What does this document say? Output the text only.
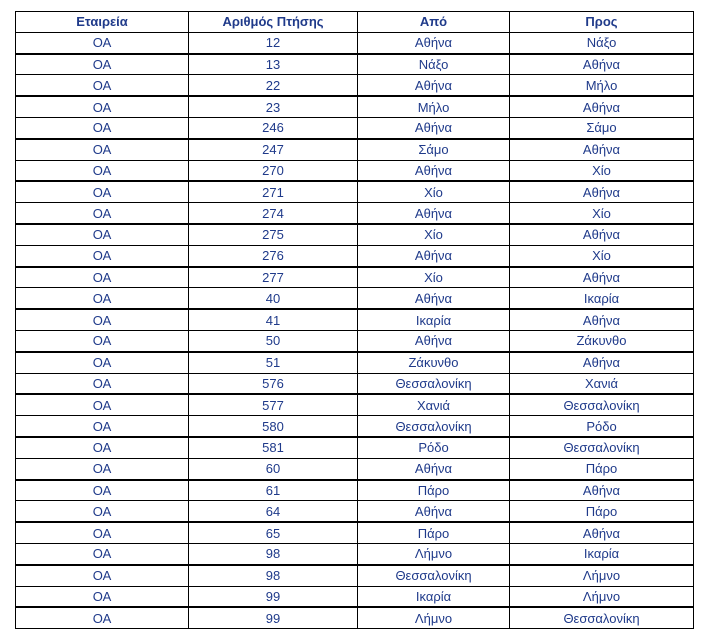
Εταιρεία	Αριθμός Πτήσης	Από	Προς
ΟΑ	12	Αθήνα	Νάξο
ΟΑ	13	Νάξο	Αθήνα
ΟΑ	22	Αθήνα	Μήλο
ΟΑ	23	Μήλο	Αθήνα
ΟΑ	246	Αθήνα	Σάμο
ΟΑ	247	Σάμο	Αθήνα
ΟΑ	270	Αθήνα	Χίο
ΟΑ	271	Χίο	Αθήνα
ΟΑ	274	Αθήνα	Χίο
ΟΑ	275	Χίο	Αθήνα
ΟΑ	276	Αθήνα	Χίο
ΟΑ	277	Χίο	Αθήνα
ΟΑ	40	Αθήνα	Ικαρία
ΟΑ	41	Ικαρία	Αθήνα
ΟΑ	50	Αθήνα	Ζάκυνθο
ΟΑ	51	Ζάκυνθο	Αθήνα
ΟΑ	576	Θεσσαλονίκη	Χανιά
ΟΑ	577	Χανιά	Θεσσαλονίκη
ΟΑ	580	Θεσσαλονίκη	Ρόδο
ΟΑ	581	Ρόδο	Θεσσαλονίκη
ΟΑ	60	Αθήνα	Πάρο
ΟΑ	61	Πάρο	Αθήνα
ΟΑ	64	Αθήνα	Πάρο
ΟΑ	65	Πάρο	Αθήνα
ΟΑ	98	Λήμνο	Ικαρία
ΟΑ	98	Θεσσαλονίκη	Λήμνο
ΟΑ	99	Ικαρία	Λήμνο
ΟΑ	99	Λήμνο	Θεσσαλονίκη
